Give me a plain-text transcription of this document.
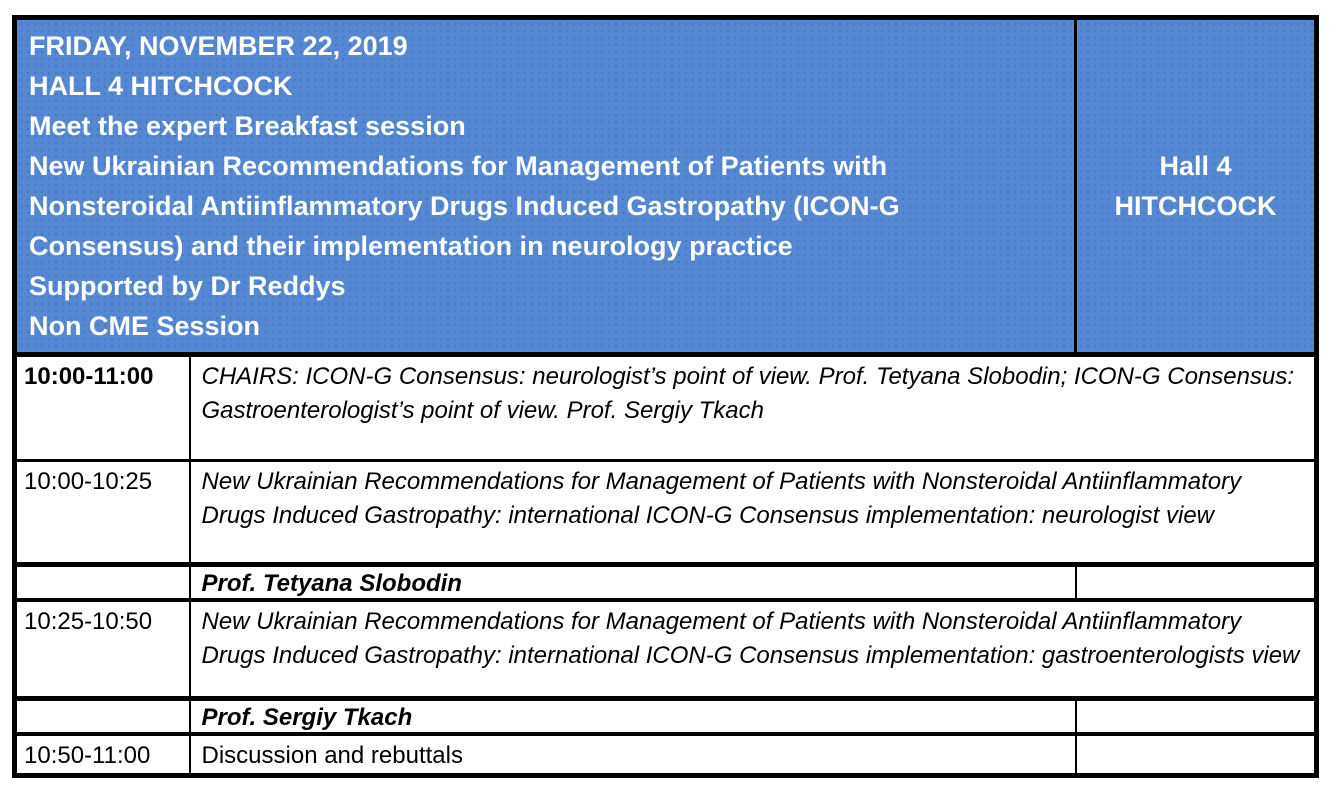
FRIDAY, NOVEMBER 22, 2019
HALL 4 HITCHCOCK
Meet the expert Breakfast session
New Ukrainian Recommendations for Management of Patients with Nonsteroidal Antiinflammatory Drugs Induced Gastropathy (ICON-G Consensus) and their implementation in neurology practice
Supported by Dr Reddys
Non CME Session

Hall 4
HITCHCOCK

10:00-11:00	CHAIRS: ICON-G Consensus: neurologist’s point of view. Prof. Tetyana Slobodin; ICON-G Consensus: Gastroenterologist’s point of view. Prof. Sergiy Tkach	
10:00-10:25	New Ukrainian Recommendations for Management of Patients with Nonsteroidal Antiinflammatory Drugs Induced Gastropathy: international ICON-G Consensus implementation: neurologist view	
	Prof. Tetyana Slobodin	
10:25-10:50	New Ukrainian Recommendations for Management of Patients with Nonsteroidal Antiinflammatory Drugs Induced Gastropathy: international ICON-G Consensus implementation: gastroenterologists view	
	Prof. Sergiy Tkach	
10:50-11:00	Discussion and rebuttals	
